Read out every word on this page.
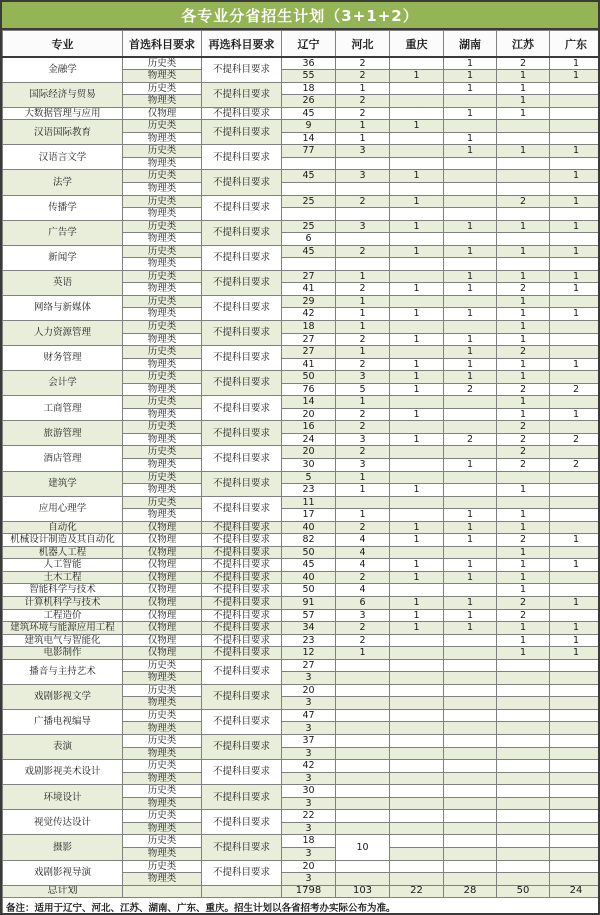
各专业分省招生计划（3+1+2）
专业	首选科目要求	再选科目要求	辽宁	河北	重庆	湖南	江苏	广东
金融学	历史类	不提科目要求	36	2		1	2	1
	物理类		55	2	1	1	1	1
国际经济与贸易	历史类	不提科目要求	18	1		1	1	
	物理类		26	2			1	
大数据管理与应用	仅物理	不提科目要求	45	2		1	1	
汉语国际教育	历史类	不提科目要求	9	1	1			
	物理类		14	1		1		
汉语言文学	历史类	不提科目要求	77	3		1	1	1
	物理类							
法学	历史类	不提科目要求	45	3	1			1
	物理类							
传播学	历史类	不提科目要求	25	2	1		2	1
	物理类							
广告学	历史类	不提科目要求	25	3	1	1	1	1
	物理类		6					
新闻学	历史类	不提科目要求	45	2	1	1	1	1
	物理类							
英语	历史类	不提科目要求	27	1		1	1	1
	物理类		41	2	1	1	2	1
网络与新媒体	历史类	不提科目要求	29	1			1	
	物理类		42	1	1	1	1	1
人力资源管理	历史类	不提科目要求	18	1			1	
	物理类		27	2	1	1	1	
财务管理	历史类	不提科目要求	27	1		1	2	
	物理类		41	2	1	1	1	1
会计学	历史类	不提科目要求	50	3	1	1	1	
	物理类		76	5	1	2	2	2
工商管理	历史类	不提科目要求	14	1			1	
	物理类		20	2	1		1	1
旅游管理	历史类	不提科目要求	16	2			2	
	物理类		24	3	1	2	2	2
酒店管理	历史类	不提科目要求	20	2			2	
	物理类		30	3		1	2	2
建筑学	历史类	不提科目要求	5	1				
	物理类		23	1	1		1	
应用心理学	历史类	不提科目要求	11					
	物理类		17	1		1	1	
自动化	仅物理	不提科目要求	40	2	1	1	1	
机械设计制造及其自动化	仅物理	不提科目要求	82	4	1	1	2	1
机器人工程	仅物理	不提科目要求	50	4			1	
人工智能	仅物理	不提科目要求	45	4	1	1	1	1
土木工程	仅物理	不提科目要求	40	2	1	1	1	
智能科学与技术	仅物理	不提科目要求	50	4			1	
计算机科学与技术	仅物理	不提科目要求	91	6	1	1	2	1
工程造价	仅物理	不提科目要求	57	3	1	1	2	
建筑环境与能源应用工程	仅物理	不提科目要求	34	2	1	1	1	1
建筑电气与智能化	仅物理	不提科目要求	23	2			1	1
电影制作	仅物理	不提科目要求	12	1			1	1
播音与主持艺术	历史类	不提科目要求	27					
	物理类		3					
戏剧影视文学	历史类	不提科目要求	20					
	物理类		3					
广播电视编导	历史类	不提科目要求	47					
	物理类		3					
表演	历史类	不提科目要求	37					
	物理类		3					
戏剧影视美术设计	历史类	不提科目要求	42					
	物理类		3					
环境设计	历史类	不提科目要求	30					
	物理类		3					
视觉传达设计	历史类	不提科目要求	22					
	物理类		3					
摄影	历史类	不提科目要求	18	10				
	物理类		3					
戏剧影视导演	历史类	不提科目要求	20					
	物理类		3					
总计划			1798	103	22	28	50	24
备注：适用于辽宁、河北、江苏、湖南、广东、重庆。招生计划以各省招考办实际公布为准。								
